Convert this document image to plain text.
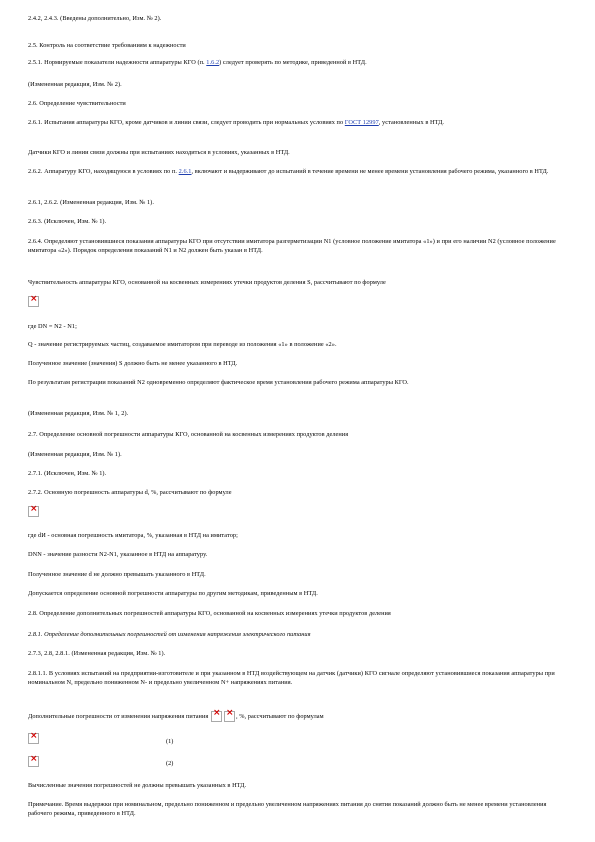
2.4.2, 2.4.3. (Введены дополнительно, Изм. № 2).
2.5. Контроль на соответствие требованиям к надежности
2.5.1. Нормируемые показатели надежности аппаратуры КГО (п. 1.6.2) следует проверять по методике, приведенной в НТД.
(Измененная редакция, Изм. № 2).
2.6. Определение чувствительности
2.6.1. Испытания аппаратуры КГО, кроме датчиков и линии связи, следует проводить при нормальных условиях по ГОСТ 12997, установленных в НТД.
Датчики КГО и линии связи должны при испытаниях находиться в условиях, указанных в НТД.
2.6.2. Аппаратуру КГО, находящуюся в условиях по п. 2.6.1, включают и выдерживают до испытаний в течение времени не менее времени установления рабочего режима, указанного в НТД.
2.6.1, 2.6.2. (Измененная редакция, Изм. № 1).
2.6.3. (Исключен, Изм. № 1).
2.6.4. Определяют установившиеся показания аппаратуры КГО при отсутствии имитатора разгерметизации N1 (условное положение имитатора «1») и при его наличии N2 (условное положение имитатора «2»). Порядок определения показаний N1 и N2 должен быть указан в НТД.
Чувствительность аппаратуры КГО, основанной на косвенных измерениях утечки продуктов деления S, рассчитывают по формуле
×
где DN = N2 - N1;
Q - значение регистрируемых частиц, создаваемое имитатором при переводе из положения «1» в положение «2».
Полученное значение (значения) S должно быть не менее указанного в НТД.
По результатам регистрации показаний N2 одновременно определяют фактическое время установления рабочего режима аппаратуры КГО.
(Измененная редакция, Изм. № 1, 2).
2.7. Определение основной погрешности аппаратуры КГО, основанной на косвенных измерениях продуктов деления
(Измененная редакция, Изм. № 1).
2.7.1. (Исключен, Изм. № 1).
2.7.2. Основную погрешность аппаратуры d, %, рассчитывают по формуле
×
где dИ - основная погрешность имитатора, %, указанная в НТД на имитатор;
DNN - значение разности N2-N1, указанное в НТД на аппаратуру.
Полученное значение d не должно превышать указанного в НТД.
Допускается определение основной погрешности аппаратуры по другим методикам, приведенным в НТД.
2.8. Определение дополнительных погрешностей аппаратуры КГО, основанной на косвенных измерениях утечки продуктов деления
2.8.1. Определение дополнительных погрешностей от изменения напряжения электрического питания
2.7.3, 2.8, 2.8.1. (Измененная редакция, Изм. № 1).
2.8.1.1. В условиях испытаний на предприятии-изготовителе и при указанном в НТД воздействующем на датчик (датчики) КГО сигнале определяют установившиеся показания аппаратуры при номинальном N, предельно пониженном N- и предельно увеличенном N+ напряжениях питания.
Дополнительные погрешности от изменения напряжения питания × ×	, %, рассчитывают по формулам
×
(1)
×
(2)
Вычисленные значения погрешностей не должны превышать указанных в НТД.
Примечание. Время выдержки при номинальном, предельно пониженном и предельно увеличенном напряжениях питания до снятия показаний должно быть не менее времени установления рабочего режима, приведенного в НТД.
